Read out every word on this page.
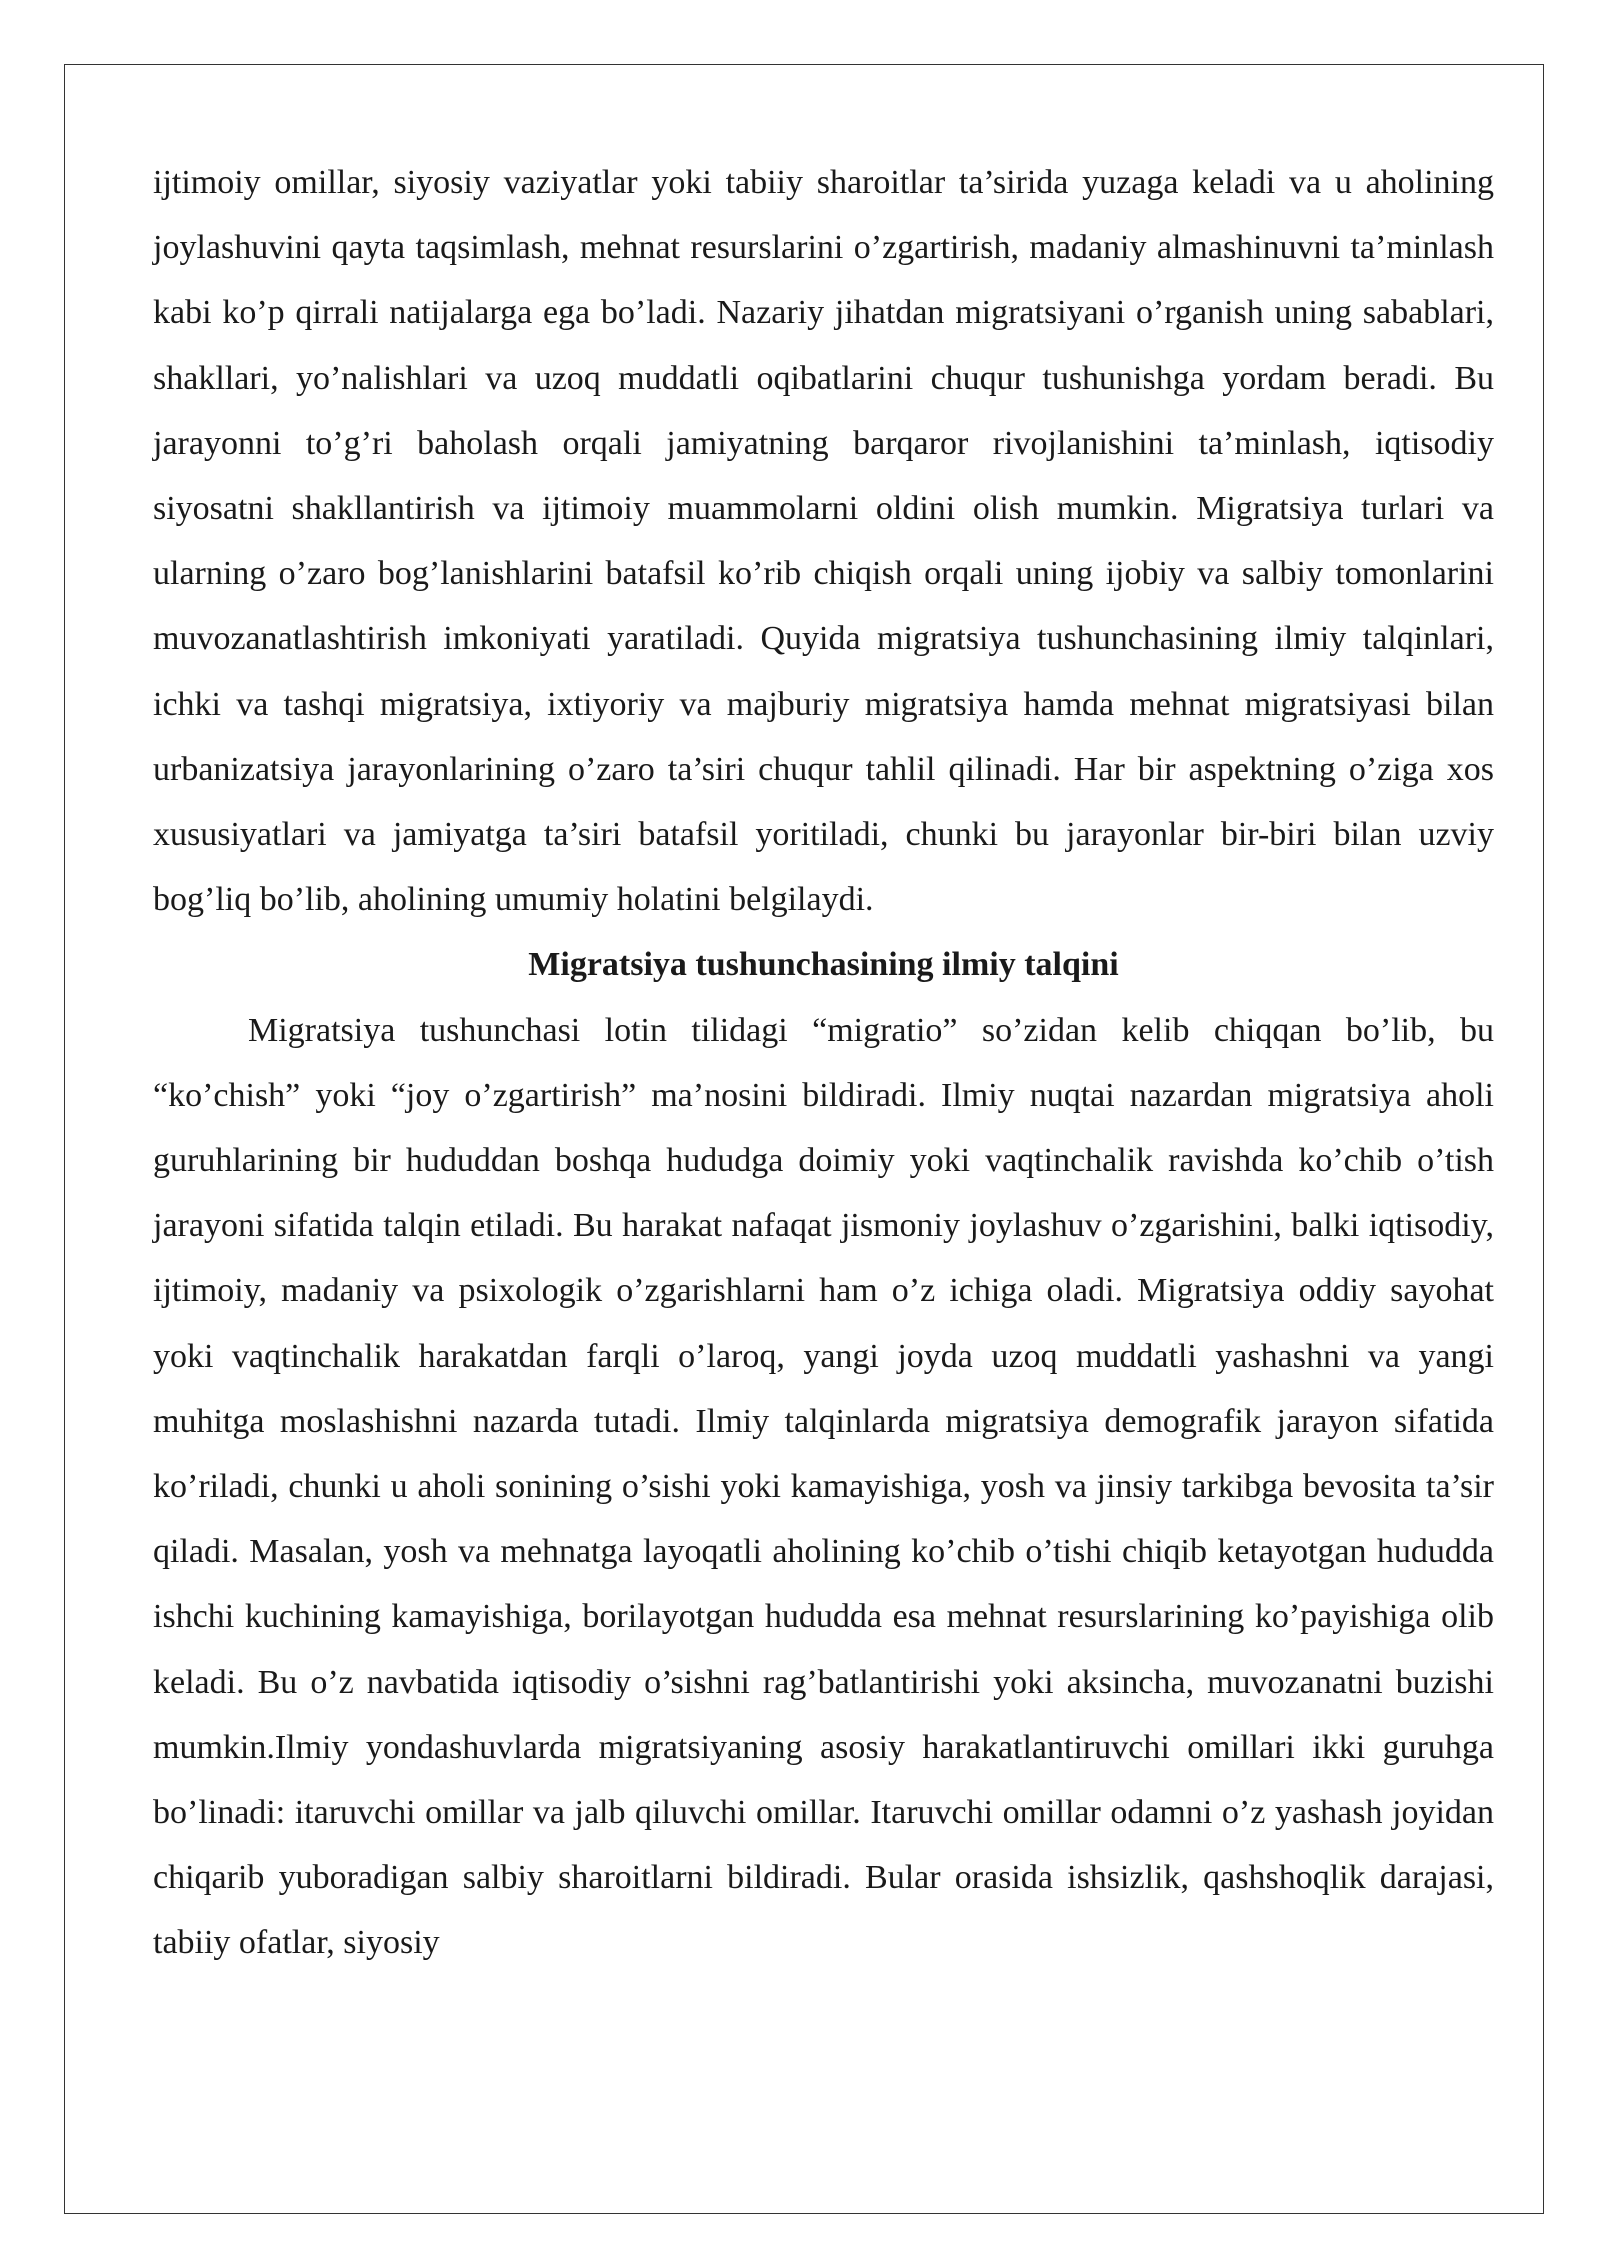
ijtimoiy omillar, siyosiy vaziyatlar yoki tabiiy sharoitlar ta’sirida yuzaga keladi va u aholining joylashuvini qayta taqsimlash, mehnat resurslarini o’zgartirish, madaniy almashinuvni ta’minlash kabi ko’p qirrali natijalarga ega bo’ladi. Nazariy jihatdan migratsiyani o’rganish uning sabablari, shakllari, yo’nalishlari va uzoq muddatli oqibatlarini chuqur tushunishga yordam beradi. Bu jarayonni to’g’ri baholash orqali jamiyatning barqaror rivojlanishini ta’minlash, iqtisodiy siyosatni shakllantirish va ijtimoiy muammolarni oldini olish mumkin. Migratsiya turlari va ularning o’zaro bog’lanishlarini batafsil ko’rib chiqish orqali uning ijobiy va salbiy tomonlarini muvozanatlashtirish imkoniyati yaratiladi. Quyida migratsiya tushunchasining ilmiy talqinlari, ichki va tashqi migratsiya, ixtiyoriy va majburiy migratsiya hamda mehnat migratsiyasi bilan urbanizatsiya jarayonlarining o’zaro ta’siri chuqur tahlil qilinadi. Har bir aspektning o’ziga xos xususiyatlari va jamiyatga ta’siri batafsil yoritiladi, chunki bu jarayonlar bir-biri bilan uzviy bog’liq bo’lib, aholining umumiy holatini belgilaydi.

Migratsiya tushunchasining ilmiy talqini

Migratsiya tushunchasi lotin tilidagi “migratio” so’zidan kelib chiqqan bo’lib, bu “ko’chish” yoki “joy o’zgartirish” ma’nosini bildiradi. Ilmiy nuqtai nazardan migratsiya aholi guruhlarining bir hududdan boshqa hududga doimiy yoki vaqtinchalik ravishda ko’chib o’tish jarayoni sifatida talqin etiladi. Bu harakat nafaqat jismoniy joylashuv o’zgarishini, balki iqtisodiy, ijtimoiy, madaniy va psixologik o’zgarishlarni ham o’z ichiga oladi. Migratsiya oddiy sayohat yoki vaqtinchalik harakatdan farqli o’laroq, yangi joyda uzoq muddatli yashashni va yangi muhitga moslashishni nazarda tutadi. Ilmiy talqinlarda migratsiya demografik jarayon sifatida ko’riladi, chunki u aholi sonining o’sishi yoki kamayishiga, yosh va jinsiy tarkibga bevosita ta’sir qiladi. Masalan, yosh va mehnatga layoqatli aholining ko’chib o’tishi chiqib ketayotgan hududda ishchi kuchining kamayishiga, borilayotgan hududda esa mehnat resurslarining ko’payishiga olib keladi. Bu o’z navbatida iqtisodiy o’sishni rag’batlantirishi yoki aksincha, muvozanatni buzishi mumkin.Ilmiy yondashuvlarda migratsiyaning asosiy harakatlantiruvchi omillari ikki guruhga bo’linadi: itaruvchi omillar va jalb qiluvchi omillar. Itaruvchi omillar odamni o’z yashash joyidan chiqarib yuboradigan salbiy sharoitlarni bildiradi. Bular orasida ishsizlik, qashshoqlik darajasi, tabiiy ofatlar, siyosiy
